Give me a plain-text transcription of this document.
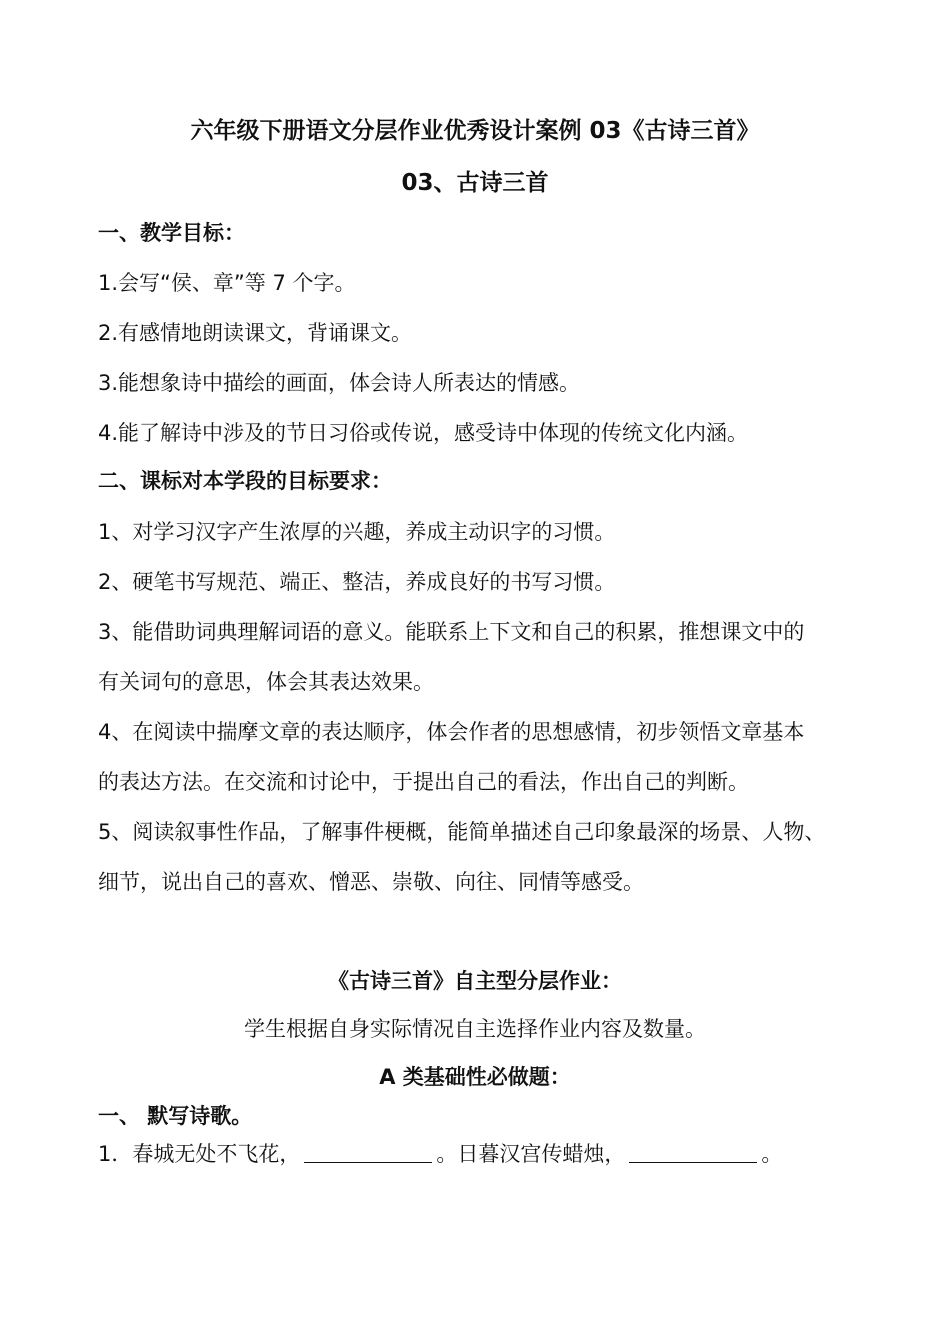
六年级下册语文分层作业优秀设计案例 03《古诗三首》
03、古诗三首
一、教学目标：
1.会写“侯、章”等 7 个字。
2.有感情地朗读课文，背诵课文。
3.能想象诗中描绘的画面，体会诗人所表达的情感。
4.能了解诗中涉及的节日习俗或传说，感受诗中体现的传统文化内涵。
二、课标对本学段的目标要求：
1、对学习汉字产生浓厚的兴趣，养成主动识字的习惯。
2、硬笔书写规范、端正、整洁，养成良好的书写习惯。
3、能借助词典理解词语的意义。能联系上下文和自己的积累，推想课文中的
有关词句的意思，体会其表达效果。
4、在阅读中揣摩文章的表达顺序，体会作者的思想感情，初步领悟文章基本
的表达方法。在交流和讨论中，于提出自己的看法，作出自己的判断。
5、阅读叙事性作品，了解事件梗概，能简单描述自己印象最深的场景、人物、
细节，说出自己的喜欢、憎恶、崇敬、向往、同情等感受。
《古诗三首》自主型分层作业：
学生根据自身实际情况自主选择作业内容及数量。
A 类基础性必做题：
一、 默写诗歌。
1．春城无处不飞花，	。日暮汉宫传蜡烛，	。
